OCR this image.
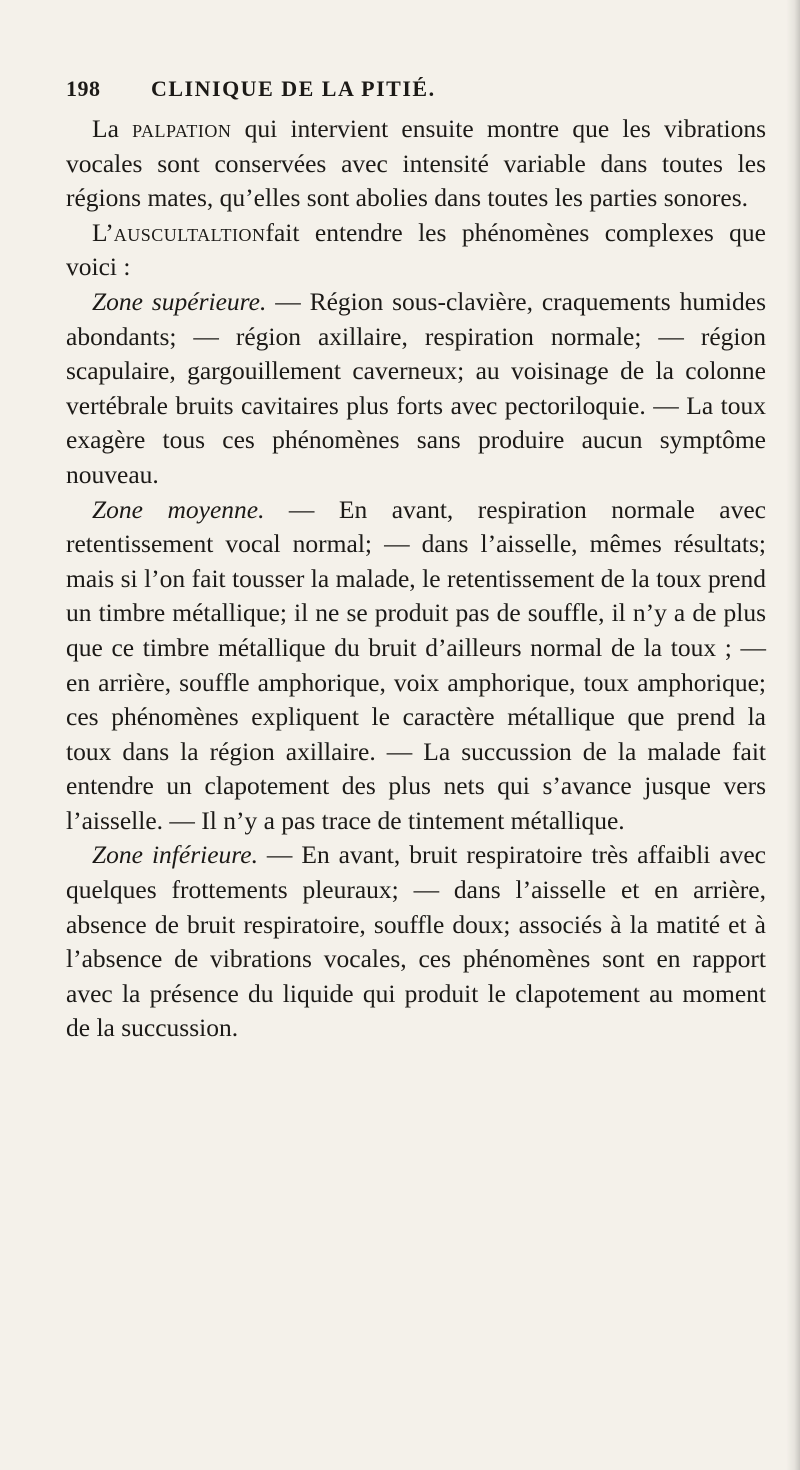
198 CLINIQUE DE LA PITIÉ.

La palpation qui intervient ensuite montre que les vibrations vocales sont conservées avec intensité variable dans toutes les régions mates, qu’elles sont abolies dans toutes les parties sonores.

L’auscultaltionfait entendre les phénomènes complexes que voici :

Zone supérieure. — Région sous-clavière, craquements humides abondants; — région axillaire, respiration normale; — région scapulaire, gargouillement caverneux; au voisinage de la colonne vertébrale bruits cavitaires plus forts avec pectoriloquie. — La toux exagère tous ces phénomènes sans produire aucun symptôme nouveau.

Zone moyenne. — En avant, respiration normale avec retentissement vocal normal; — dans l’aisselle, mêmes résultats; mais si l’on fait tousser la malade, le retentissement de la toux prend un timbre métallique; il ne se produit pas de souffle, il n’y a de plus que ce timbre métallique du bruit d’ailleurs normal de la toux ; — en arrière, souffle amphorique, voix amphorique, toux amphorique; ces phénomènes expliquent le caractère métallique que prend la toux dans la région axillaire. — La succussion de la malade fait entendre un clapotement des plus nets qui s’avance jusque vers l’aisselle. — Il n’y a pas trace de tintement métallique.

Zone inférieure. — En avant, bruit respiratoire très affaibli avec quelques frottements pleuraux; — dans l’aisselle et en arrière, absence de bruit respiratoire, souffle doux; associés à la matité et à l’absence de vibrations vocales, ces phénomènes sont en rapport avec la présence du liquide qui produit le clapotement au moment de la succussion.
